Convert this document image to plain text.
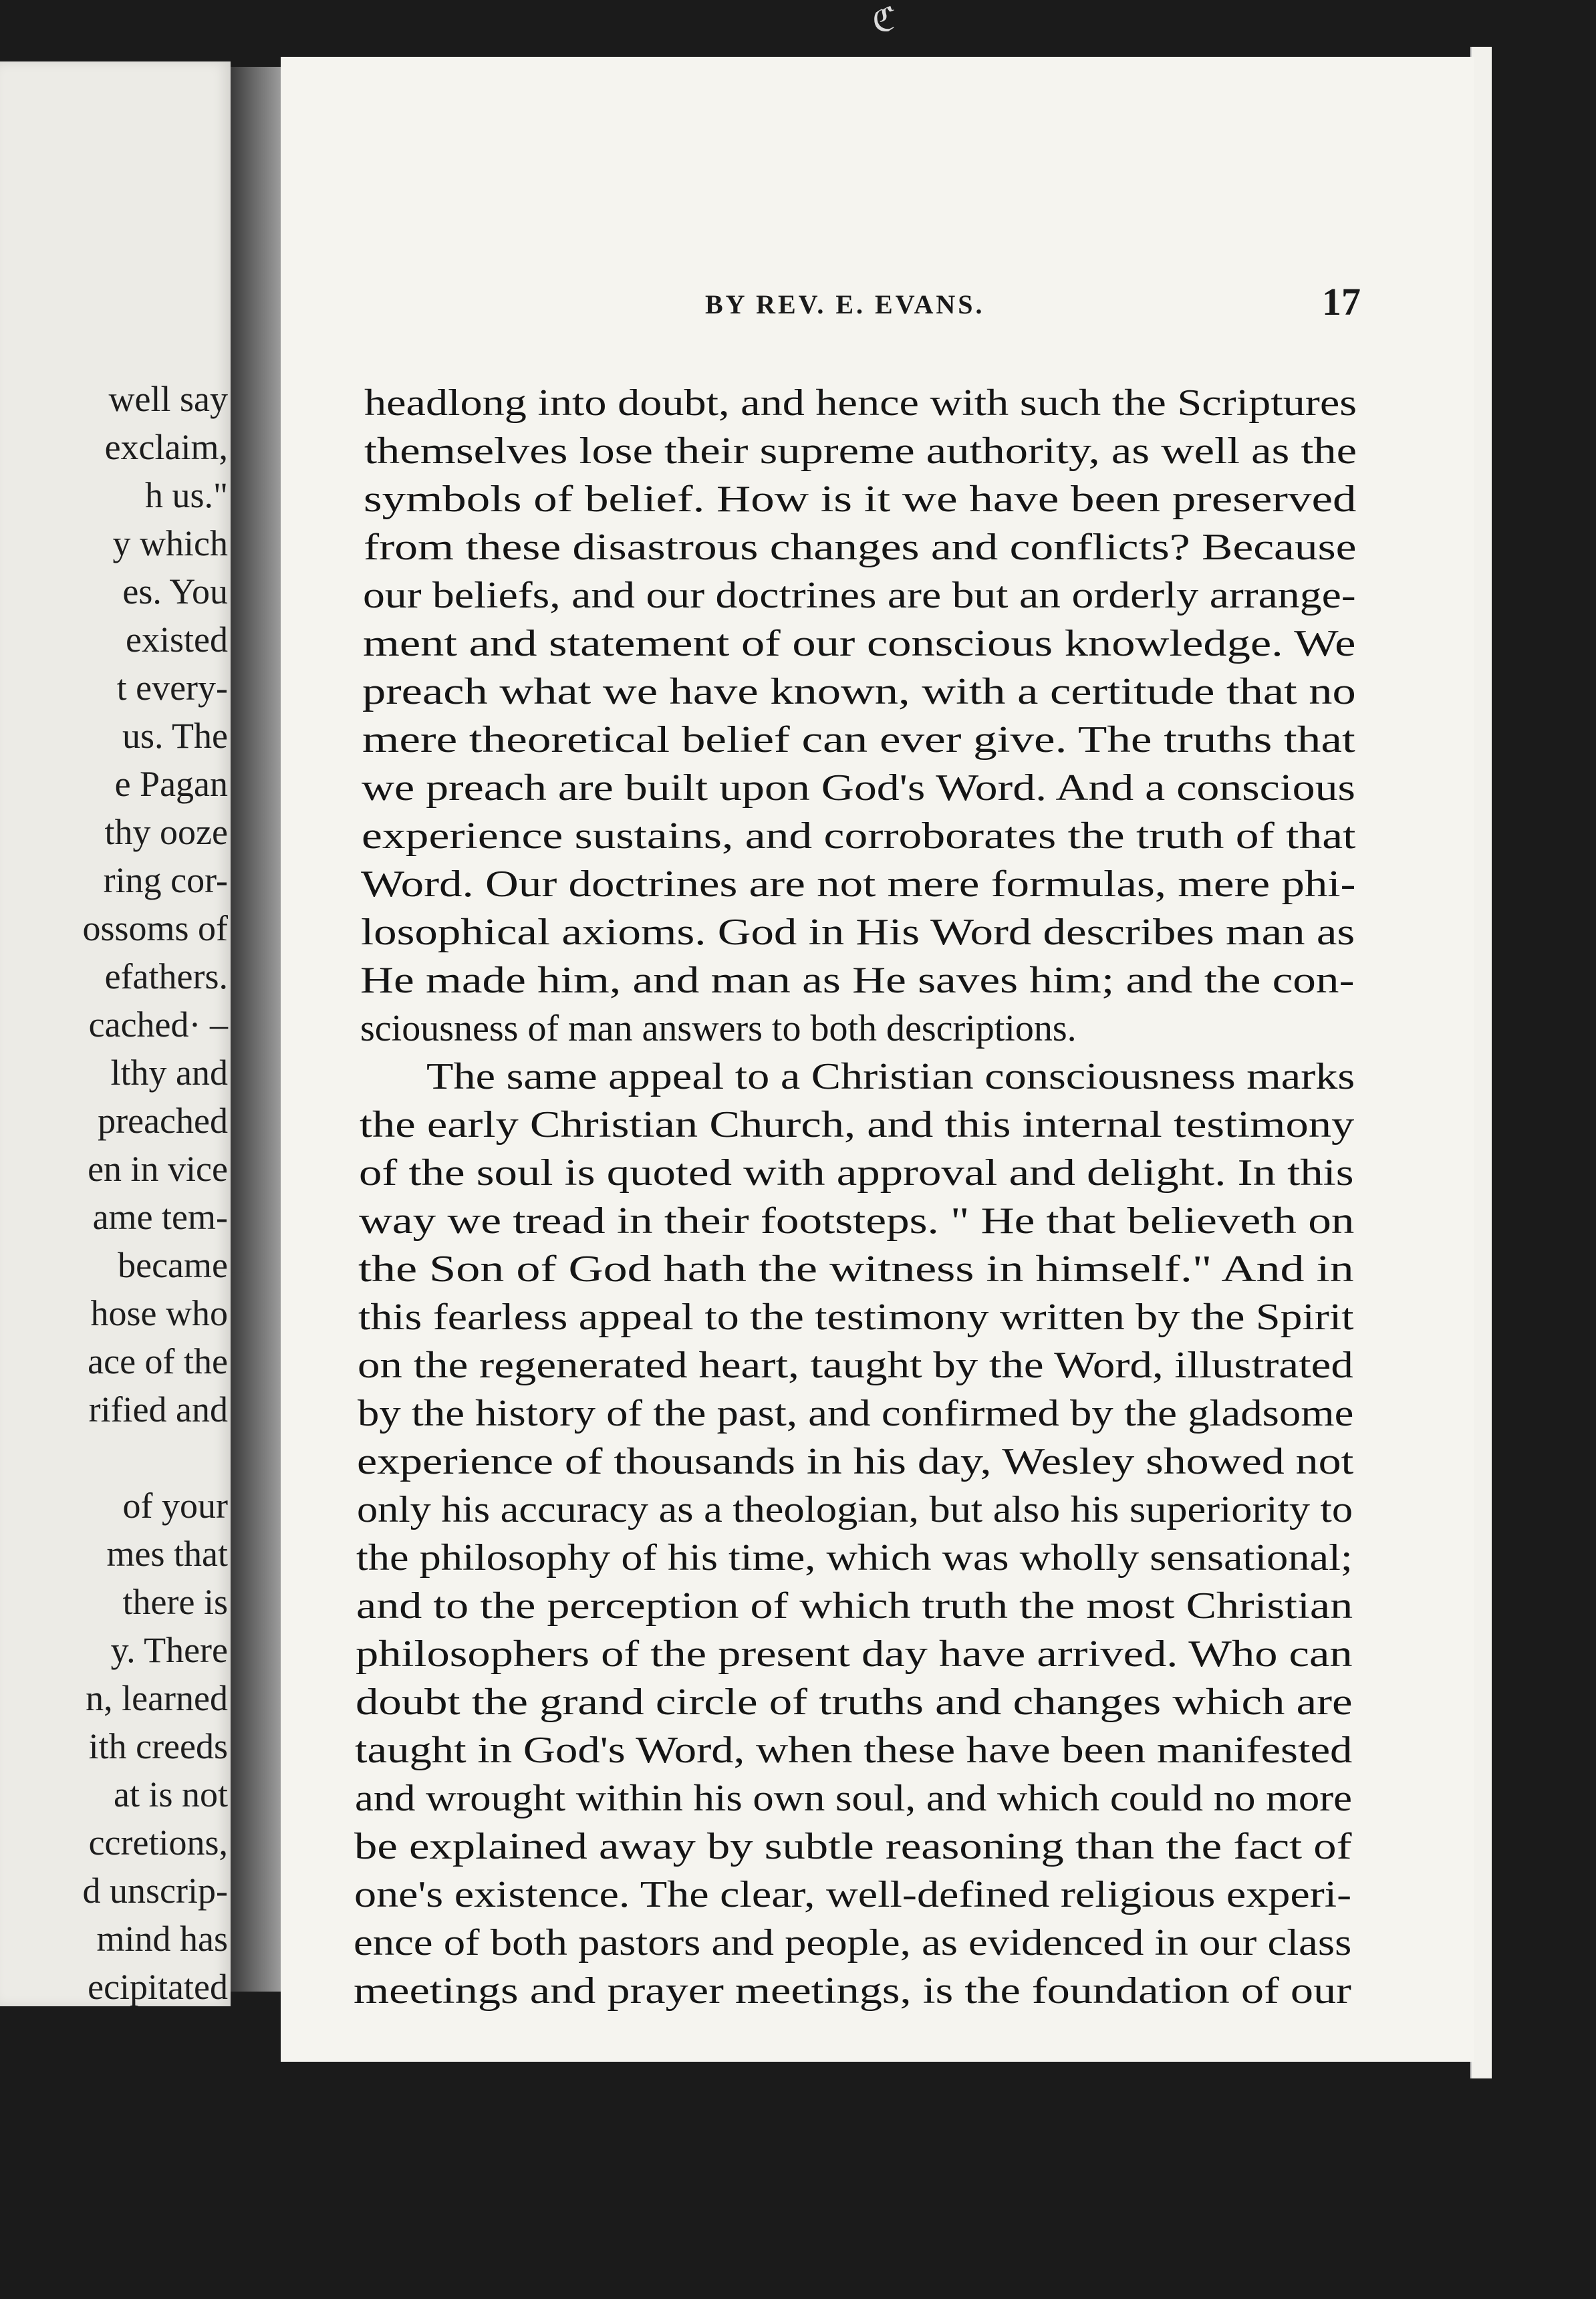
well say
exclaim,
h us."
y which
es. You
existed
t every-
us. The
e Pagan
thy ooze
ring cor-
ossoms of
efathers.
cached· –
lthy and
preached
en in vice
ame tem-
became
hose who
ace of the
rified and
of your
mes that
there is
y. There
n, learned
ith creeds
at is not
ccretions,
d unscrip-
mind has
ecipitated
ℭ
BY REV. E. EVANS.	17
headlong into doubt, and hence with such the Scriptures
themselves lose their supreme authority, as well as the
symbols of belief. How is it we have been preserved
from these disastrous changes and conflicts? Because
our beliefs, and our doctrines are but an orderly arrange-
ment and statement of our conscious knowledge. We
preach what we have known, with a certitude that no
mere theoretical belief can ever give. The truths that
we preach are built upon God's Word. And a conscious
experience sustains, and corroborates the truth of that
Word. Our doctrines are not mere formulas, mere phi-
losophical axioms. God in His Word describes man as
He made him, and man as He saves him; and the con-
sciousness of man answers to both descriptions.
The same appeal to a Christian consciousness marks
the early Christian Church, and this internal testimony
of the soul is quoted with approval and delight. In this
way we tread in their footsteps. " He that believeth on
the Son of God hath the witness in himself." And in
this fearless appeal to the testimony written by the Spirit
on the regenerated heart, taught by the Word, illustrated
by the history of the past, and confirmed by the gladsome
experience of thousands in his day, Wesley showed not
only his accuracy as a theologian, but also his superiority to
the philosophy of his time, which was wholly sensational;
and to the perception of which truth the most Christian
philosophers of the present day have arrived. Who can
doubt the grand circle of truths and changes which are
taught in God's Word, when these have been manifested
and wrought within his own soul, and which could no more
be explained away by subtle reasoning than the fact of
one's existence. The clear, well-defined religious experi-
ence of both pastors and people, as evidenced in our class
meetings and prayer meetings, is the foundation of our
